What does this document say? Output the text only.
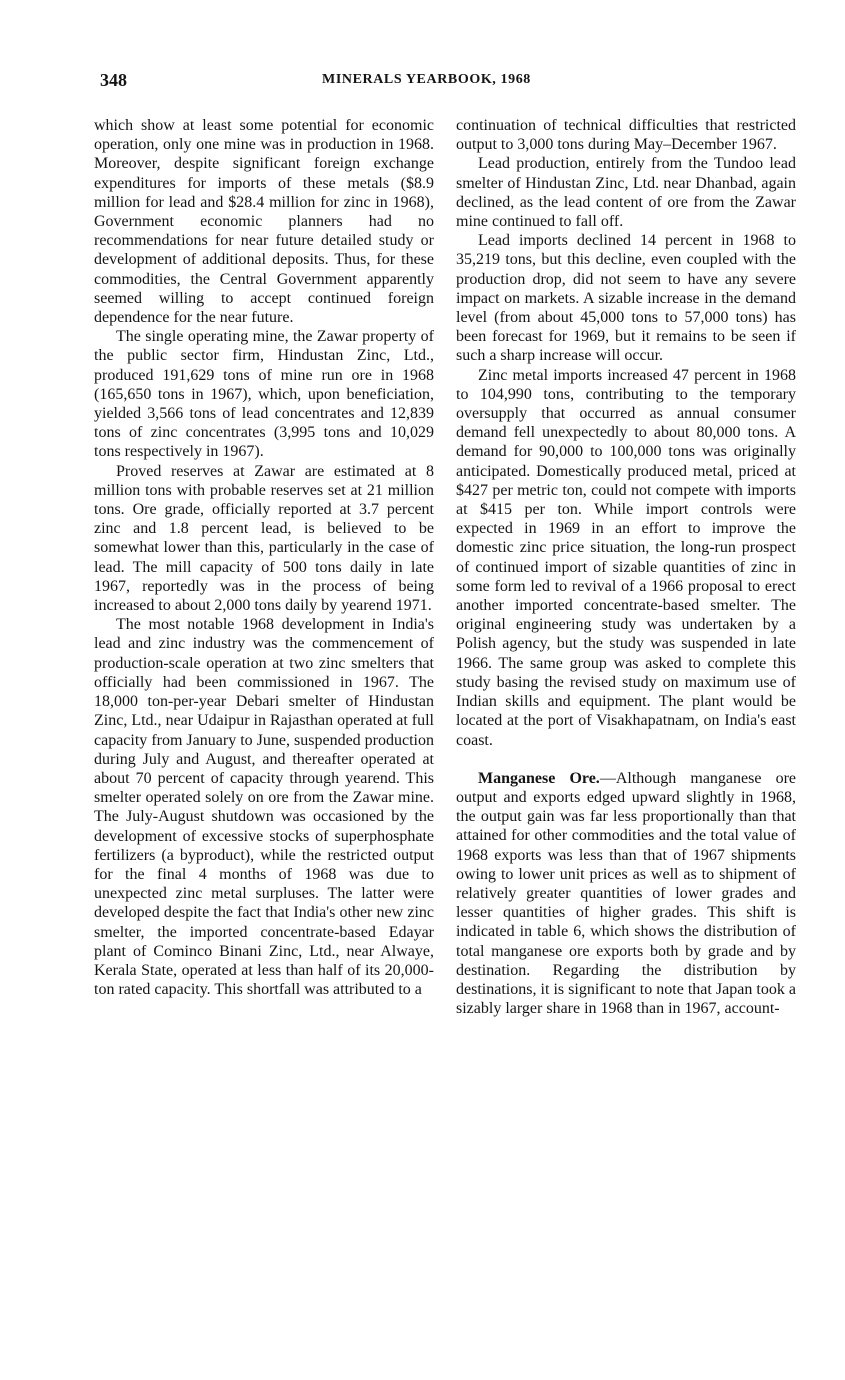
348	MINERALS YEARBOOK, 1968

which show at least some potential for economic operation, only one mine was in production in 1968. Moreover, despite significant foreign exchange expenditures for imports of these metals ($8.9 million for lead and $28.4 million for zinc in 1968), Government economic planners had no recommendations for near future detailed study or development of additional deposits. Thus, for these commodities, the Central Government apparently seemed willing to accept continued foreign dependence for the near future.

The single operating mine, the Zawar property of the public sector firm, Hindustan Zinc, Ltd., produced 191,629 tons of mine run ore in 1968 (165,650 tons in 1967), which, upon beneficiation, yielded 3,566 tons of lead concentrates and 12,839 tons of zinc concentrates (3,995 tons and 10,029 tons respectively in 1967).

Proved reserves at Zawar are estimated at 8 million tons with probable reserves set at 21 million tons. Ore grade, officially reported at 3.7 percent zinc and 1.8 percent lead, is believed to be somewhat lower than this, particularly in the case of lead. The mill capacity of 500 tons daily in late 1967, reportedly was in the process of being increased to about 2,000 tons daily by yearend 1971.

The most notable 1968 development in India's lead and zinc industry was the commencement of production-scale operation at two zinc smelters that officially had been commissioned in 1967. The 18,000 ton-per-year Debari smelter of Hindustan Zinc, Ltd., near Udaipur in Rajasthan operated at full capacity from January to June, suspended production during July and August, and thereafter operated at about 70 percent of capacity through yearend. This smelter operated solely on ore from the Zawar mine. The July-August shutdown was occasioned by the development of excessive stocks of superphosphate fertilizers (a byproduct), while the restricted output for the final 4 months of 1968 was due to unexpected zinc metal surpluses. The latter were developed despite the fact that India's other new zinc smelter, the imported concentrate-based Edayar plant of Cominco Binani Zinc, Ltd., near Alwaye, Kerala State, operated at less than half of its 20,000-ton rated capacity. This shortfall was attributed to a

continuation of technical difficulties that restricted output to 3,000 tons during May–December 1967.

Lead production, entirely from the Tundoo lead smelter of Hindustan Zinc, Ltd. near Dhanbad, again declined, as the lead content of ore from the Zawar mine continued to fall off.

Lead imports declined 14 percent in 1968 to 35,219 tons, but this decline, even coupled with the production drop, did not seem to have any severe impact on markets. A sizable increase in the demand level (from about 45,000 tons to 57,000 tons) has been forecast for 1969, but it remains to be seen if such a sharp increase will occur.

Zinc metal imports increased 47 percent in 1968 to 104,990 tons, contributing to the temporary oversupply that occurred as annual consumer demand fell unexpectedly to about 80,000 tons. A demand for 90,000 to 100,000 tons was originally anticipated. Domestically produced metal, priced at $427 per metric ton, could not compete with imports at $415 per ton. While import controls were expected in 1969 in an effort to improve the domestic zinc price situation, the long-run prospect of continued import of sizable quantities of zinc in some form led to revival of a 1966 proposal to erect another imported concentrate-based smelter. The original engineering study was undertaken by a Polish agency, but the study was suspended in late 1966. The same group was asked to complete this study basing the revised study on maximum use of Indian skills and equipment. The plant would be located at the port of Visakhapatnam, on India's east coast.

Manganese Ore.—Although manganese ore output and exports edged upward slightly in 1968, the output gain was far less proportionally than that attained for other commodities and the total value of 1968 exports was less than that of 1967 shipments owing to lower unit prices as well as to shipment of relatively greater quantities of lower grades and lesser quantities of higher grades. This shift is indicated in table 6, which shows the distribution of total manganese ore exports both by grade and by destination. Regarding the distribution by destinations, it is significant to note that Japan took a sizably larger share in 1968 than in 1967, account-
